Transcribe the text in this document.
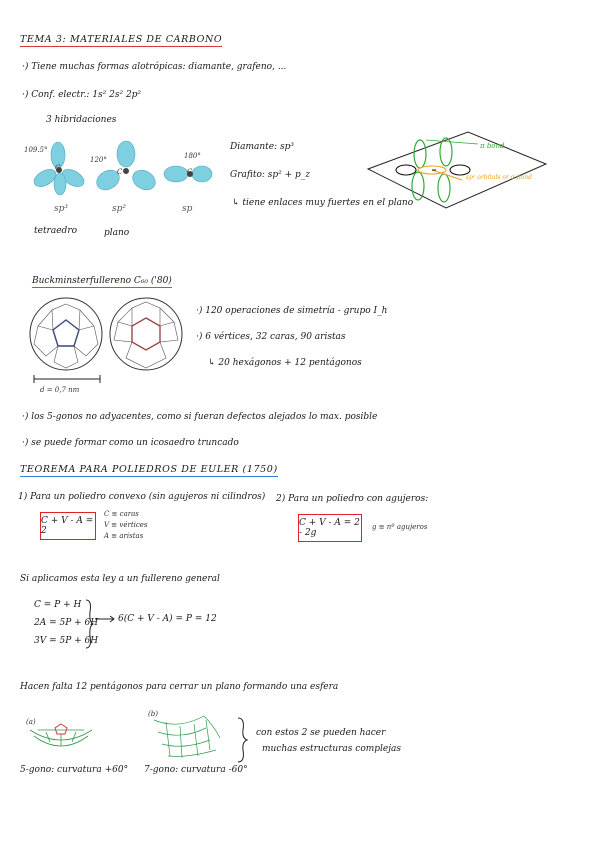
TEMA 3: MATERIALES DE CARBONO
·) Tiene muchas formas alotrópicas: diamante, grafeno, ...
·) Conf. electr.: 1s² 2s² 2p²
3 hibridaciones
109.5°
C
120°
C
180°
C
sp³	sp²	sp
tetraedro	plano
Diamante: sp³
Grafito: sp² + p_z
↳ tiene enlaces muy fuertes en el plano
π bond
sp² orbitals or σ bond
Buckminsterfullereno C₆₀ ('80)
d = 0,7 nm
·) 120 operaciones de simetría - grupo I_h
·) 6 vértices, 32 caras, 90 aristas
↳ 20 hexágonos + 12 pentágonos
·) los 5-gonos no adyacentes, como si fueran defectos alejados lo max. posible
·) se puede formar como un icosaedro truncado
TEOREMA PARA POLIEDROS DE EULER (1750)
1) Para un poliedro convexo (sin agujeros ni cilindros)
C + V - A = 2
C ≡ caras
V ≡ vértices
A ≡ aristas
2) Para un poliedro con agujeros:
C + V - A = 2 - 2g
g ≡ nº agujeros
Si aplicamos esta ley a un fullereno general
C = P + H
2A = 5P + 6H
3V = 5P + 6H
6(C + V - A) = P = 12
Hacen falta 12 pentágonos para cerrar un plano formando una esfera
(a)
(b)
con estos 2 se pueden hacer
muchas estructuras complejas
5-gono: curvatura +60° 7-gono: curvatura -60°
